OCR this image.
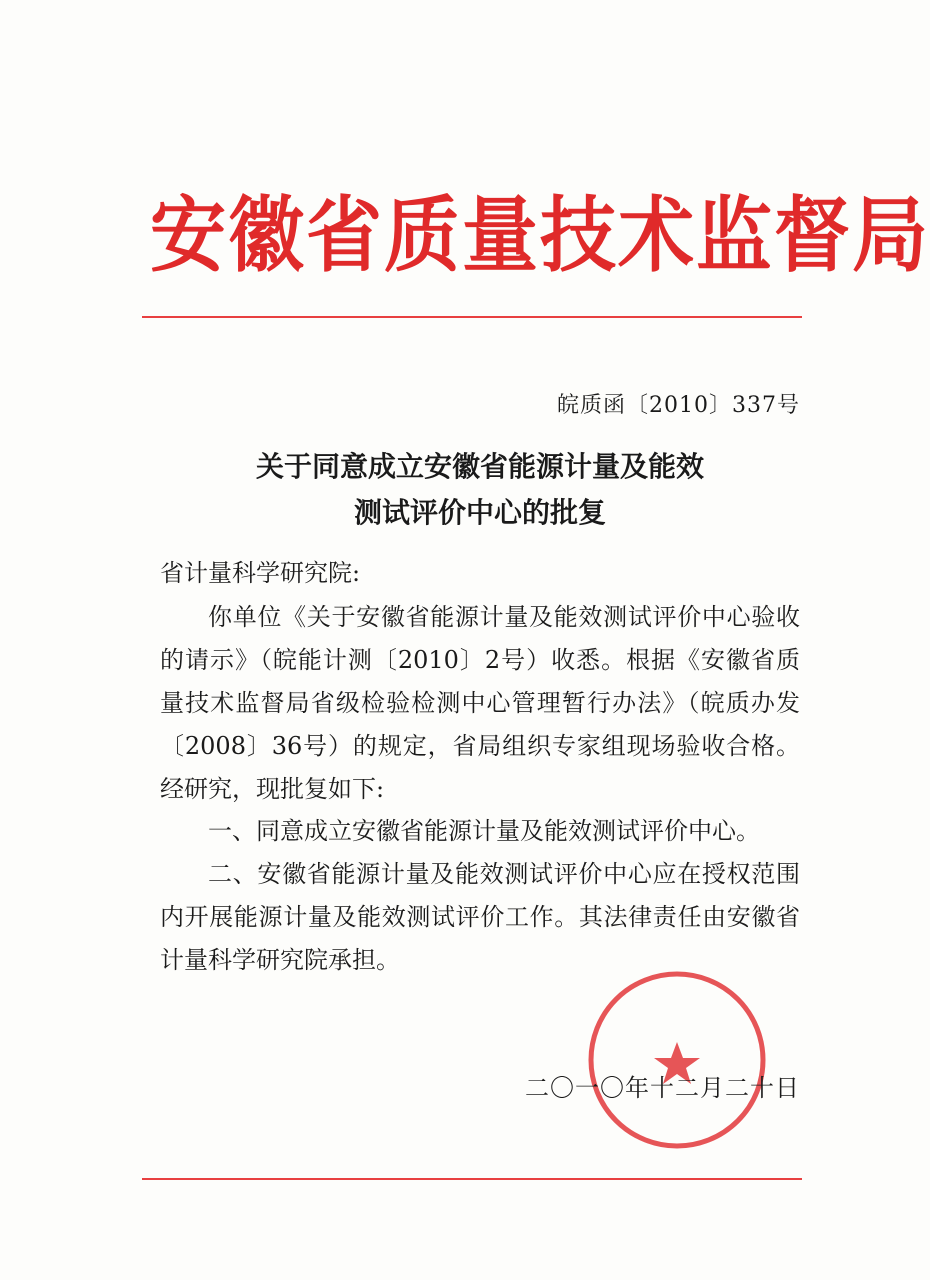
安徽省质量技术监督局
皖质函〔2010〕337号
关于同意成立安徽省能源计量及能效
测试评价中心的批复
省计量科学研究院:
你单位《关于安徽省能源计量及能效测试评价中心验收的请示》（皖能计测〔2010〕2号）收悉。根据《安徽省质量技术监督局省级检验检测中心管理暂行办法》（皖质办发〔2008〕36号）的规定，省局组织专家组现场验收合格。经研究，现批复如下:
一、同意成立安徽省能源计量及能效测试评价中心。
二、安徽省能源计量及能效测试评价中心应在授权范围内开展能源计量及能效测试评价工作。其法律责任由安徽省计量科学研究院承担。
二〇一〇年十二月二十日
